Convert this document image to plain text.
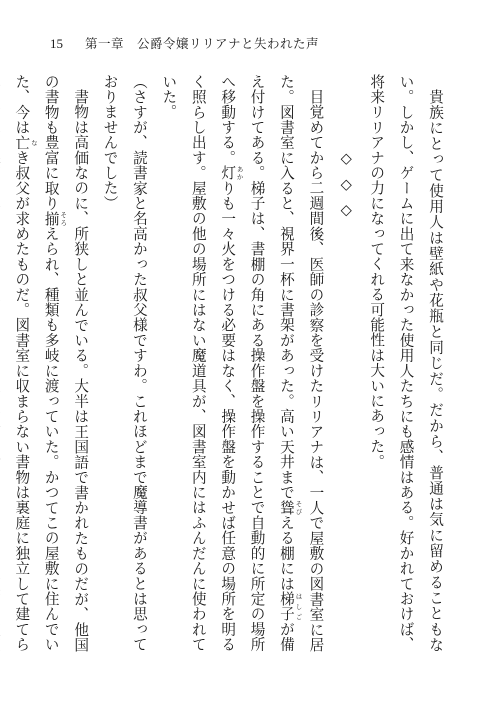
15 第一章　公爵令嬢リリアナと失われた声

貴族にとって使用人は壁紙や花瓶と同じだ。だから、普通は気に留めることもない。しかし、ゲームに出て来なかった使用人たちにも感情はある。好かれておけば、将来リリアナの力になってくれる可能性は大いにあった。

◇◇◇

目覚めてから二週間後、医師の診察を受けたリリアナは、一人で屋敷の図書室に居た。図書室に入ると、視界一杯に書架があった。高い天井まで聳 そびえる棚には梯子 はしごが備え付けてある。梯子は、書棚の角にある操作盤を操作することで自動的に所定の場所へ移動する。灯 あかりも一々火をつける必要はなく、操作盤を動かせば任意の場所を明るく照らし出す。屋敷の他の場所にはない魔道具が、図書室内にはふんだんに使われていた。

（さすが、読書家と名高かった叔父様ですわ。これほどまで魔導書があるとは思っておりませんでした）

書物は高価なのに、所狭しと並んでいる。大半は王国語で書かれたものだが、他国の書物も豊富に取り揃 そろえられ、種類も多岐に渡っていた。かつてこの屋敷に住んでいた、今は亡 なき叔父が求めたものだ。図書室に収まらない書物は裏庭に独立して建てら
